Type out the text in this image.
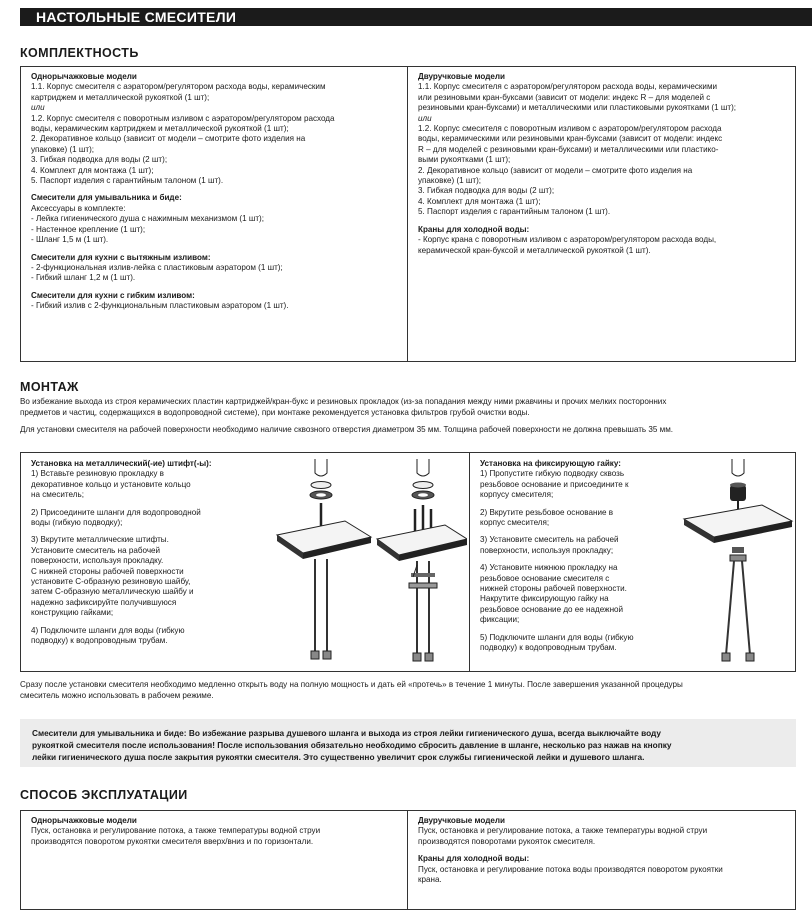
НАСТОЛЬНЫЕ СМЕСИТЕЛИ
КОМПЛЕКТНОСТЬ
Однорычажковые модели
1.1. Корпус смесителя с аэратором/регулятором расхода воды, керамическим
картриджем и металлической рукояткой (1 шт);
или
1.2. Корпус смесителя с поворотным изливом с аэратором/регулятором расхода
воды, керамическим картриджем и металлической рукояткой (1 шт);
2. Декоративное кольцо (зависит от модели – смотрите фото изделия на
упаковке) (1 шт);
3. Гибкая подводка для воды (2 шт);
4. Комплект для монтажа (1 шт);
5. Паспорт изделия с гарантийным талоном (1 шт).
Смесители для умывальника и биде:
Аксессуары в комплекте:
- Лейка гигиенического душа с нажимным механизмом (1 шт);
- Настенное крепление (1 шт);
- Шланг 1,5 м (1 шт).
Смесители для кухни с вытяжным изливом:
- 2-функциональная излив-лейка с пластиковым аэратором (1 шт);
- Гибкий шланг 1,2 м (1 шт).
Смесители для кухни с гибким изливом:
- Гибкий излив с 2-функциональным пластиковым аэратором (1 шт).
Двуручковые модели
1.1. Корпус смесителя с аэратором/регулятором расхода воды, керамическими
или резиновыми кран-буксами (зависит от модели: индекс R – для моделей с
резиновыми кран-буксами) и металлическими или пластиковыми рукоятками (1 шт);
или
1.2. Корпус смесителя с поворотным изливом с аэратором/регулятором расхода
воды, керамическими или резиновыми кран-буксами (зависит от модели: индекс
R – для моделей с резиновыми кран-буксами) и металлическими или пластико-
выми рукоятками (1 шт);
2. Декоративное кольцо (зависит от модели – смотрите фото изделия на
упаковке) (1 шт);
3. Гибкая подводка для воды (2 шт);
4. Комплект для монтажа (1 шт);
5. Паспорт изделия с гарантийным талоном (1 шт).
Краны для холодной воды:
- Корпус крана с поворотным изливом с аэратором/регулятором расхода воды,
керамической кран-буксой и металлической рукояткой (1 шт).
МОНТАЖ
Во избежание выхода из строя керамических пластин картриджей/кран-букс и резиновых прокладок (из-за попадания между ними ржавчины и прочих мелких посторонних
предметов и частиц, содержащихся в водопроводной системе), при монтаже рекомендуется установка фильтров грубой очистки воды.
Для установки смесителя на рабочей поверхности необходимо наличие сквозного отверстия диаметром 35 мм. Толщина рабочей поверхности не должна превышать 35 мм.
Установка на металлический(-ие) штифт(-ы):
1) Вставьте резиновую прокладку в
декоративное кольцо и установите кольцо
на смеситель;
2) Присоедините шланги для водопроводной
воды (гибкую подводку);
3) Вкрутите металлические штифты.
Установите смеситель на рабочей
поверхности, используя прокладку.
С нижней стороны рабочей поверхности
установите С-образную резиновую шайбу,
затем С-образную металлическую шайбу и
надежно зафиксируйте получившуюся
конструкцию гайками;
4) Подключите шланги для воды (гибкую
подводку) к водопроводным трубам.
Установка на фиксирующую гайку:
1) Пропустите гибкую подводку сквозь
резьбовое основание и присоедините к
корпусу смесителя;
2) Вкрутите резьбовое основание в
корпус смесителя;
3) Установите смеситель на рабочей
поверхности, используя прокладку;
4) Установите нижнюю прокладку на
резьбовое основание смесителя с
нижней стороны рабочей поверхности.
Накрутите фиксирующую гайку на
резьбовое основание до ее надежной
фиксации;
5) Подключите шланги для воды (гибкую
подводку) к водопроводным трубам.
Сразу после установки смесителя необходимо медленно открыть воду на полную мощность и дать ей «протечь» в течение 1 минуты. После завершения указанной процедуры
смеситель можно использовать в рабочем режиме.
Смесители для умывальника и биде: Во избежание разрыва душевого шланга и выхода из строя лейки гигиенического душа, всегда выключайте воду
рукояткой смесителя после использования! После использования обязательно необходимо сбросить давление в шланге, несколько раз нажав на кнопку
лейки гигиенического душа после закрытия рукоятки смесителя. Это существенно увеличит срок службы гигиенической лейки и душевого шланга.
СПОСОБ ЭКСПЛУАТАЦИИ
Однорычажковые модели
Пуск, остановка и регулирование потока, а также температуры водной струи
производятся поворотом рукоятки смесителя вверх/вниз и по горизонтали.
Двуручковые модели
Пуск, остановка и регулирование потока, а также температуры водной струи
производятся поворотами рукояток смесителя.
Краны для холодной воды:
Пуск, остановка и регулирование потока воды производятся поворотом рукоятки
крана.
